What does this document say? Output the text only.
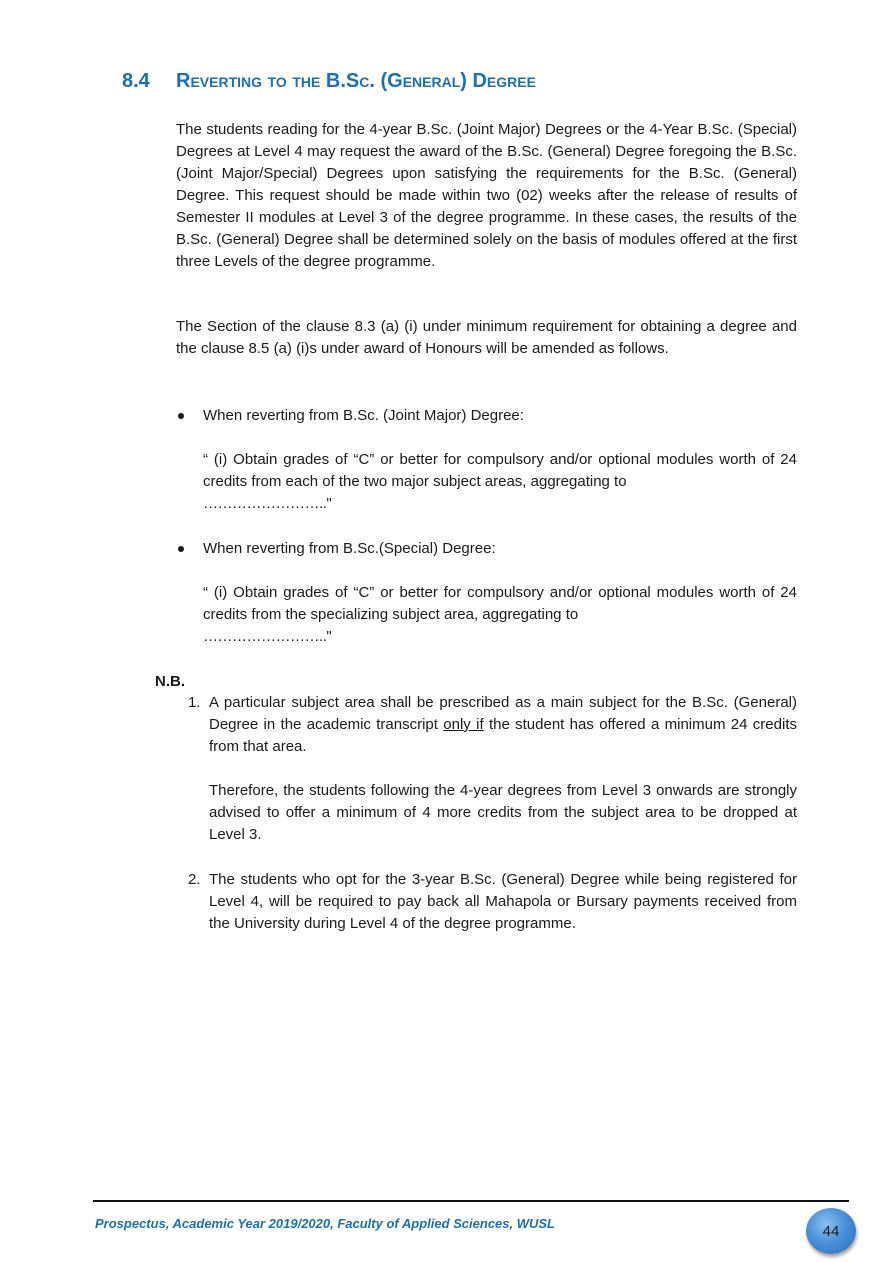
8.4 Reverting to the B.Sc. (General) Degree

The students reading for the 4-year B.Sc. (Joint Major) Degrees or the 4-Year B.Sc. (Special) Degrees at Level 4 may request the award of the B.Sc. (General) Degree foregoing the B.Sc. (Joint Major/Special) Degrees upon satisfying the requirements for the B.Sc. (General) Degree. This request should be made within two (02) weeks after the release of results of Semester II modules at Level 3 of the degree programme. In these cases, the results of the B.Sc. (General) Degree shall be determined solely on the basis of modules offered at the first three Levels of the degree programme.

The Section of the clause 8.3 (a) (i) under minimum requirement for obtaining a degree and the clause 8.5 (a) (i)s under award of Honours will be amended as follows.

When reverting from B.Sc. (Joint Major) Degree:
“ (i) Obtain grades of “C” or better for compulsory and/or optional modules worth of 24 credits from each of the two major subject areas, aggregating to
…………………….."
When reverting from B.Sc.(Special) Degree:
“ (i) Obtain grades of “C” or better for compulsory and/or optional modules worth of 24 credits from the specializing subject area, aggregating to
…………………….."
N.B.
1. A particular subject area shall be prescribed as a main subject for the B.Sc. (General) Degree in the academic transcript only if the student has offered a minimum 24 credits from that area.
Therefore, the students following the 4-year degrees from Level 3 onwards are strongly advised to offer a minimum of 4 more credits from the subject area to be dropped at Level 3.
2. The students who opt for the 3-year B.Sc. (General) Degree while being registered for Level 4, will be required to pay back all Mahapola or Bursary payments received from the University during Level 4 of the degree programme.
Prospectus, Academic Year 2019/2020, Faculty of Applied Sciences, WUSL	44
